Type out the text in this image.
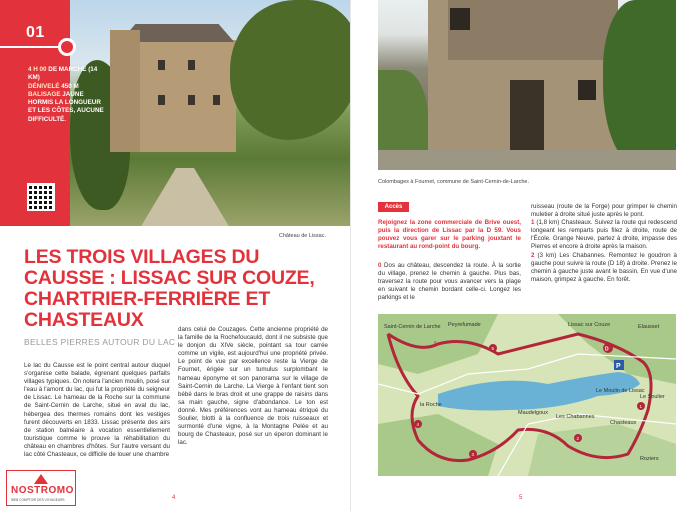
01
4 H 00 DE MARCHE (14 KM)
DÉNIVELÉ 450 M
BALISAGE JAUNE
HORMIS LA LONGUEUR ET LES CÔTES, AUCUNE DIFFICULTÉ.
Château de Lissac.
LES TROIS VILLAGES DU CAUSSE : LISSAC SUR COUZE, CHARTRIER-FERRIÈRE ET CHASTEAUX
BELLES PIERRES AUTOUR DU LAC

Le lac du Causse est le point central autour duquel s'organise cette balade, égrenant quelques parfaits villages typiques. On notera l'ancien moulin, posé sur l'eau à l'amont du lac, qui fut la propriété du seigneur de Lissac. Le hameau de la Roche sur la commune de Saint-Cernin de Larche, situé en aval du lac, hébergea des thermes romains dont les vestiges furent découverts en 1833. Lissac présente des airs de station balnéaire à vocation essentiellement touristique comme le prouve la réhabilitation du château en chambres d'hôtes. Sur l'autre versant du lac côté Chasteaux, ce difficile de louer une chambre

dans celui de Couzages. Cette ancienne propriété de la famille de la Rochefoucauld, dont il ne subsiste que le donjon du XIVe siècle, pointant sa tour carrée comme un vigile, est aujourd'hui une propriété privée. Le point de vue par excellence reste la Vierge de Fournet, érigée sur un tumulus surplombant le hameau éponyme et son panorama sur le village de Saint-Cernin de Larche. La Vierge à l'enfant tient son bébé dans le bras droit et une grappe de raisins dans sa main gauche, signe d'abondance. Le ton est donné. Mes préférences vont au hameau étriqué du Soulier, blotti à la confluence de trois ruisseaux et surmonté d'une vigne, à la Montagne Pelée et au bourg de Chasteaux, posé sur un éperon dominant le lac.

4
NOSTROMO
WEB COMPTOIR DES VOYAGEURS
Colombages à Fournet, commune de Saint-Cernin-de-Larche.
Accès

Rejoignez la zone commerciale de Brive ouest, puis la direction de Lissac par la D 59. Vous pouvez vous garer sur le parking jouxtant le restaurant au rond-point du bourg.

0 Dos au château, descendez la route. À la sortie du village, prenez le chemin à gauche. Plus bas, traversez la route pour vous avancer vers la plage en suivant le chemin bordant celle-ci. Longez les parkings et le

ruisseau (route de la Forge) pour grimper le chemin muletier à droite situé juste après le pont.
1 (1,8 km) Chasteaux. Suivez la route qui redescend longeant les remparts puis filez à droite, route de l'École. Grange Neuve, partez à droite, impasse des Pierres et encore à droite après la maison.
2 (3 km) Les Chabannes. Remontez le goudron à gauche pour suivre la route (D 18) à droite. Prenez le chemin à gauche juste avant le bassin. En vue d'une maison, grimpez à gauche. En forêt.
Saint-Cernin de Larche Peyrefumade	Lissac sur Couze	Elausset
Le Moulin de Lissac
Le Soulier
Les Chabannes
Maudelgoux
Chasteaux
Roziers
la Roche
P
D
5
1
2
3
4
6
5
